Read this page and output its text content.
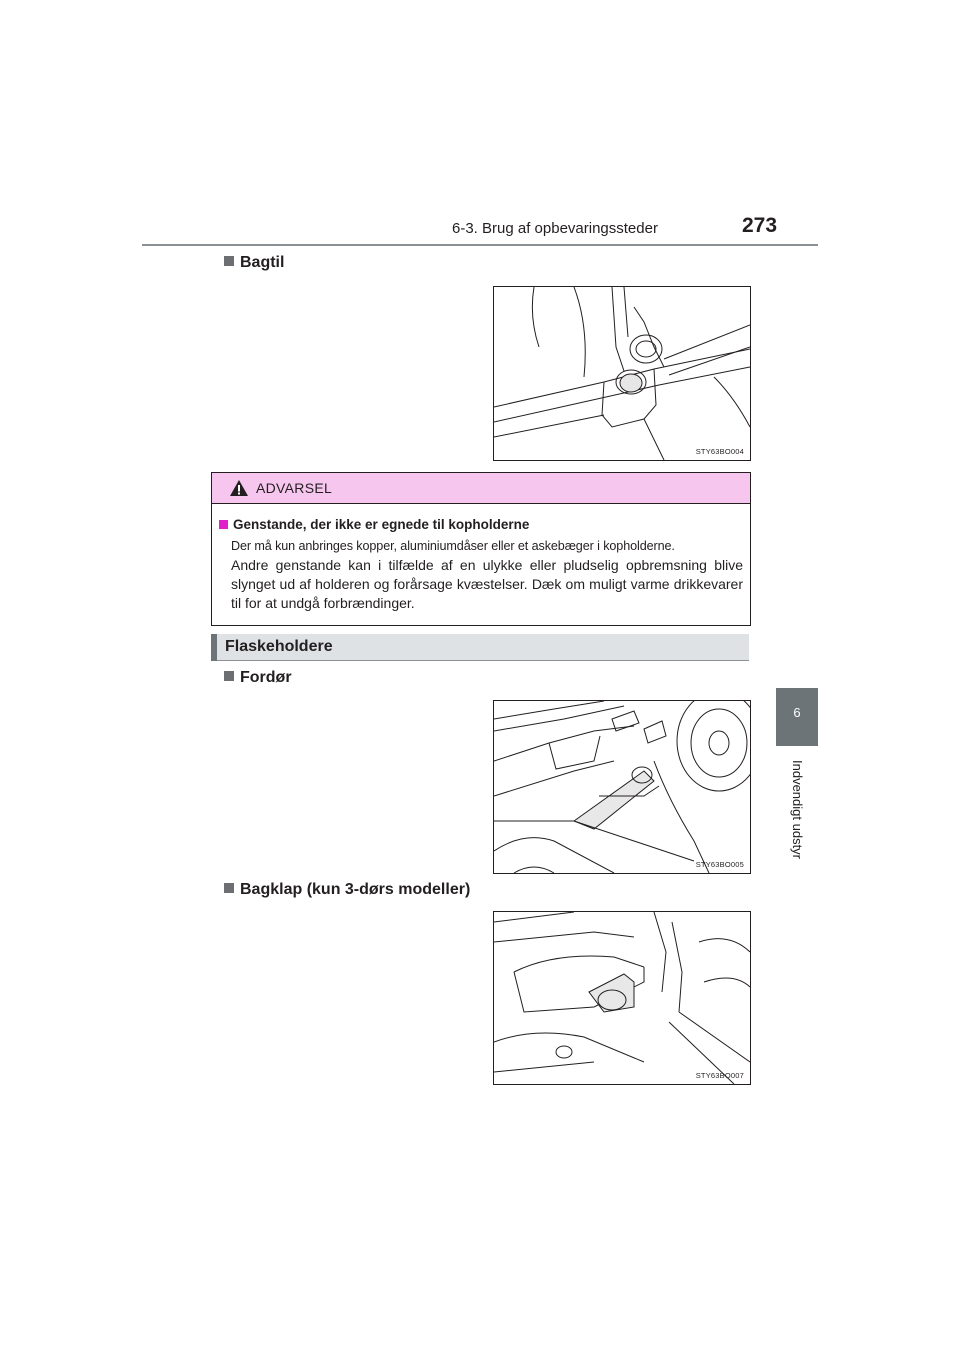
6-3. Brug af opbevaringssteder	273
6
Indvendigt udstyr
Bagtil
STY63BO004
ADVARSEL
Genstande, der ikke er egnede til kopholderne
Der må kun anbringes kopper, aluminiumdåser eller et askebæger i kopholderne.
Andre genstande kan i tilfælde af en ulykke eller pludselig opbremsning blive slynget ud af holderen og forårsage kvæstelser. Dæk om muligt varme drikkevarer til for at undgå forbrændinger.
Flaskeholdere
Fordør
STY63BO005
Bagklap (kun 3-dørs modeller)
STY63BO007
